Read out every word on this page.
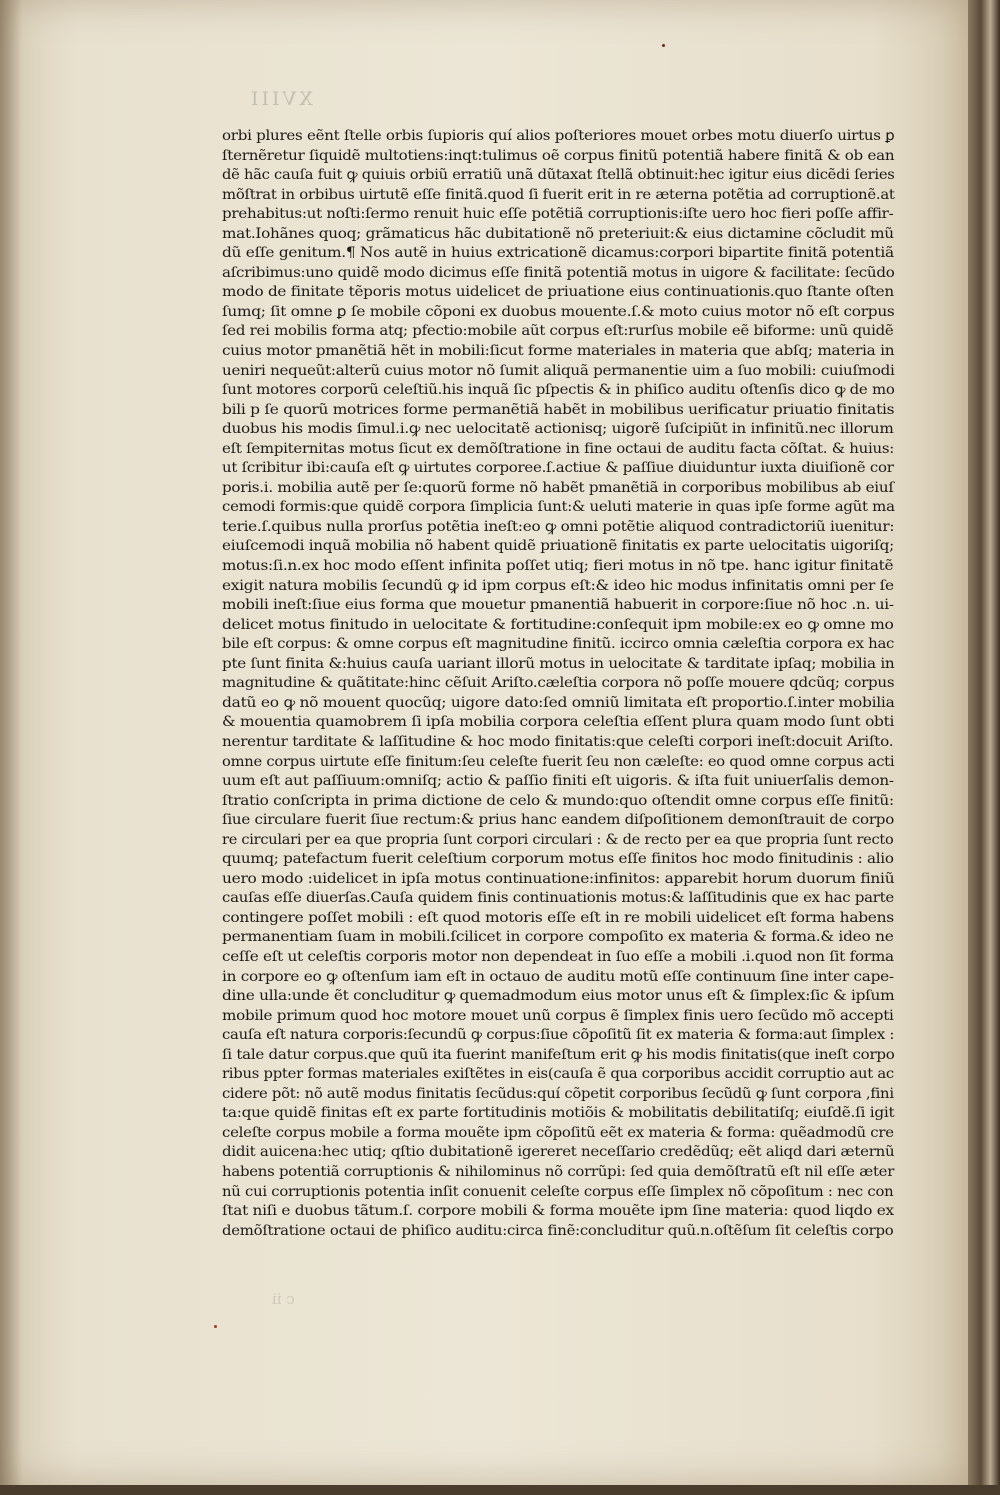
XVIII
orbi plures eẽnt ſtelle orbis ſupioris quí alios poſteriores mouet orbes motu diuerſo uirtus ꝑ
ſternẽretur ſiquidẽ multotiens:inqt:tulimus oẽ corpus finitũ potentiã habere finitã & ob ean
dẽ hãc cauſa fuit ꝙ quiuis orbiũ erratiũ unã dũtaxat ſtellã obtinuit:hec igitur eius dicẽdi ſeries
mõſtrat in orbibus uirtutẽ eſſe finitã.quod ſi fuerit erit in re æterna potẽtia ad corruptionẽ.at
prehabitus:ut noſti:ſermo renuit huic eſſe potẽtiã corruptionis:iſte uero hoc fieri poſſe affir-
mat.Iohãnes quoq; grãmaticus hãc dubitationẽ nõ preteriuit:& eius dictamine cõcludit mũ
dũ eſſe genitum.¶ Nos autẽ in huius extricationẽ dicamus:corpori bipartite finitã potentiã
aſcribimus:uno quidẽ modo dicimus eſſe finitã potentiã motus in uigore & facilitate: ſecũdo
modo de finitate tẽporis motus uidelicet de priuatione eius continuationis.quo ſtante oſten
ſumq; ſit omne ꝑ ſe mobile cõponi ex duobus mouente.ſ.& moto cuius motor nõ eſt corpus
ſed rei mobilis forma atq; pfectio:mobile aũt corpus eſt:rurſus mobile eẽ biforme: unũ quidẽ
cuius motor pmanẽtiã hẽt in mobili:ſicut forme materiales in materia que abſq; materia in
ueniri nequeũt:alterũ cuius motor nõ ſumit aliquã permanentie uim a ſuo mobili: cuiuſmodi
ſunt motores corporũ celeſtiũ.his inquã ſic pſpectis & in phiſico auditu oſtenſis dico ꝙ de mo
bili p ſe quorũ motrices forme permanẽtiã habẽt in mobilibus uerificatur priuatio finitatis
duobus his modis ſimul.i.ꝙ nec uelocitatẽ actionisq; uigorẽ ſuſcipiũt in infinitũ.nec illorum
eſt ſempiternitas motus ſicut ex demõſtratione in fine octaui de auditu facta cõſtat. & huius:
ut ſcribitur ibi:cauſa eſt ꝙ uirtutes corporee.ſ.actiue & paſſiue diuiduntur iuxta diuiſionẽ cor
poris.i. mobilia autẽ per ſe:quorũ forme nõ habẽt pmanẽtiã in corporibus mobilibus ab eiuſ
cemodi formis:que quidẽ corpora ſimplicia ſunt:& ueluti materie in quas ipſe forme agũt ma
terie.ſ.quibus nulla prorſus potẽtia ineſt:eo ꝙ omni potẽtie aliquod contradictoriũ iuenitur:
eiuſcemodi inquã mobilia nõ habent quidẽ priuationẽ finitatis ex parte uelocitatis uigoriſq;
motus:ſi.n.ex hoc modo eſſent infinita poſſet utiq; fieri motus in nõ tpe. hanc igitur finitatẽ
exigit natura mobilis ſecundũ ꝙ id ipm corpus eſt:& ideo hic modus infinitatis omni per ſe
mobili ineſt:ſiue eius forma que mouetur pmanentiã habuerit in corpore:ſiue nõ hoc .n. ui-
delicet motus finitudo in uelocitate & fortitudine:conſequit ipm mobile:ex eo ꝙ omne mo
bile eſt corpus: & omne corpus eſt magnitudine finitũ. iccirco omnia cæleſtia corpora ex hac
pte ſunt finita &:huius cauſa uariant illorũ motus in uelocitate & tarditate ipſaq; mobilia in
magnitudine & quãtitate:hinc cẽſuit Ariſto.cæleſtia corpora nõ poſſe mouere qdcũq; corpus
datũ eo ꝙ nõ mouent quocũq; uigore dato:ſed omniũ limitata eſt proportio.ſ.inter mobilia
& mouentia quamobrem ſi ipſa mobilia corpora celeſtia eſſent plura quam modo ſunt obti
nerentur tarditate & laſſitudine & hoc modo finitatis:que celeſti corpori ineſt:docuit Ariſto.
omne corpus uirtute eſſe finitum:ſeu celeſte fuerit ſeu non cæleſte: eo quod omne corpus acti
uum eſt aut paſſiuum:omniſq; actio & paſſio finiti eſt uigoris. & iſta fuit uniuerſalis demon-
ſtratio conſcripta in prima dictione de celo & mundo:quo oſtendit omne corpus eſſe finitũ:
ſiue circulare fuerit ſiue rectum:& prius hanc eandem diſpoſitionem demonſtrauit de corpo
re circulari per ea que propria ſunt corpori circulari : & de recto per ea que propria ſunt recto
quumq; patefactum fuerit celeſtium corporum motus eſſe finitos hoc modo finitudinis : alio
uero modo :uidelicet in ipſa motus continuatione:infinitos: apparebit horum duorum finiũ
cauſas eſſe diuerſas.Cauſa quidem finis continuationis motus:& laſſitudinis que ex hac parte
contingere poſſet mobili : eſt quod motoris eſſe eſt in re mobili uidelicet eſt forma habens
permanentiam ſuam in mobili.ſcilicet in corpore compoſito ex materia & forma.& ideo ne
ceſſe eſt ut celeſtis corporis motor non dependeat in ſuo eſſe a mobili .i.quod non ſit forma
in corpore eo ꝙ oſtenſum iam eſt in octauo de auditu motũ eſſe continuum ſine inter cape-
dine ulla:unde ẽt concluditur ꝙ quemadmodum eius motor unus eſt & ſimplex:ſic & ipſum
mobile primum quod hoc motore mouet unũ corpus ẽ ſimplex finis uero ſecũdo mõ accepti
cauſa eſt natura corporis:ſecundũ ꝙ corpus:ſiue cõpoſitũ ſit ex materia & forma:aut ſimplex :
ſi tale datur corpus.que quũ ita fuerint manifeſtum erit ꝙ his modis finitatis(que ineſt corpo
ribus ppter formas materiales exiſtẽtes in eis(cauſa ẽ qua corporibus accidit corruptio aut ac
cidere põt: nõ autẽ modus finitatis ſecũdus:quí cõpetit corporibus ſecũdũ ꝙ ſunt corpora ,fini
ta:que quidẽ finitas eſt ex parte fortitudinis motiõis & mobilitatis debilitatiſq; eiuſdẽ.ſi igit
celeſte corpus mobile a forma mouẽte ipm cõpoſitũ eẽt ex materia & forma: quẽadmodũ cre
didit auicena:hec utiq; qſtio dubitationẽ igereret neceſſario credẽdũq; eẽt aliqd dari æternũ
habens potentiã corruptionis & nihilominus nõ corrũpi: ſed quia demõſtratũ eſt nil eſſe æter
nũ cui corruptionis potentia inſit conuenit celeſte corpus eſſe ſimplex nõ cõpoſitum : nec con
ſtat niſi e duobus tãtum.ſ. corpore mobili & forma mouẽte ipm ſine materia: quod liqdo ex
demõſtratione octaui de phiſico auditu:circa finẽ:concluditur quũ.n.oſtẽſum ſit celeſtis corpo
c ii
